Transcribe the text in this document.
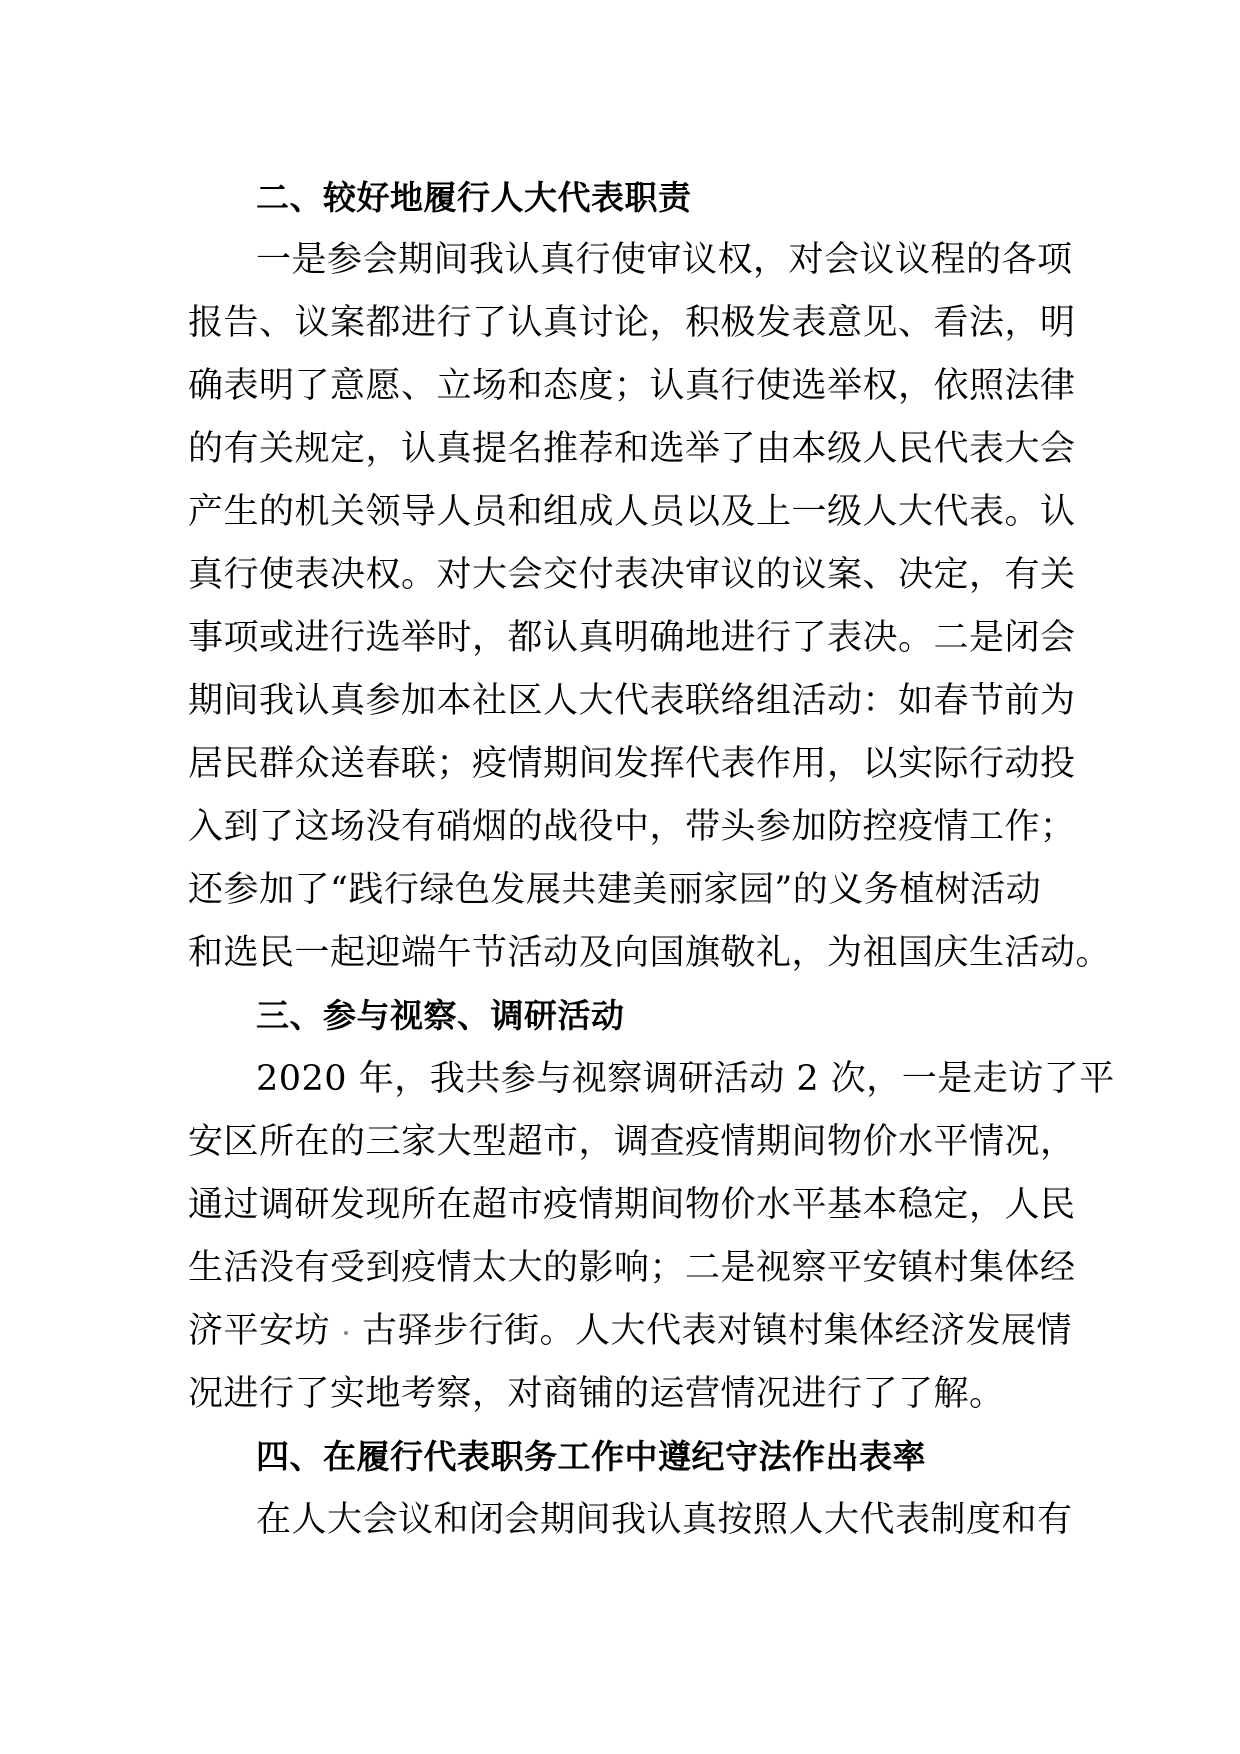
二、较好地履行人大代表职责
一是参会期间我认真行使审议权，对会议议程的各项
报告、议案都进行了认真讨论，积极发表意见、看法，明
确表明了意愿、立场和态度；认真行使选举权，依照法律
的有关规定，认真提名推荐和选举了由本级人民代表大会
产生的机关领导人员和组成人员以及上一级人大代表。认
真行使表决权。对大会交付表决审议的议案、决定，有关
事项或进行选举时，都认真明确地进行了表决。二是闭会
期间我认真参加本社区人大代表联络组活动：如春节前为
居民群众送春联；疫情期间发挥代表作用，以实际行动投
入到了这场没有硝烟的战役中，带头参加防控疫情工作；
还参加了“践行绿色发展共建美丽家园”的义务植树活动
和选民一起迎端午节活动及向国旗敬礼，为祖国庆生活动。
三、参与视察、调研活动
2020 年，我共参与视察调研活动 2 次，一是走访了平
安区所在的三家大型超市，调查疫情期间物价水平情况，
通过调研发现所在超市疫情期间物价水平基本稳定，人民
生活没有受到疫情太大的影响；二是视察平安镇村集体经
济平安坊 古驿步行街。人大代表对镇村集体经济发展情
况进行了实地考察，对商铺的运营情况进行了了解。
四、在履行代表职务工作中遵纪守法作出表率
在人大会议和闭会期间我认真按照人大代表制度和有
